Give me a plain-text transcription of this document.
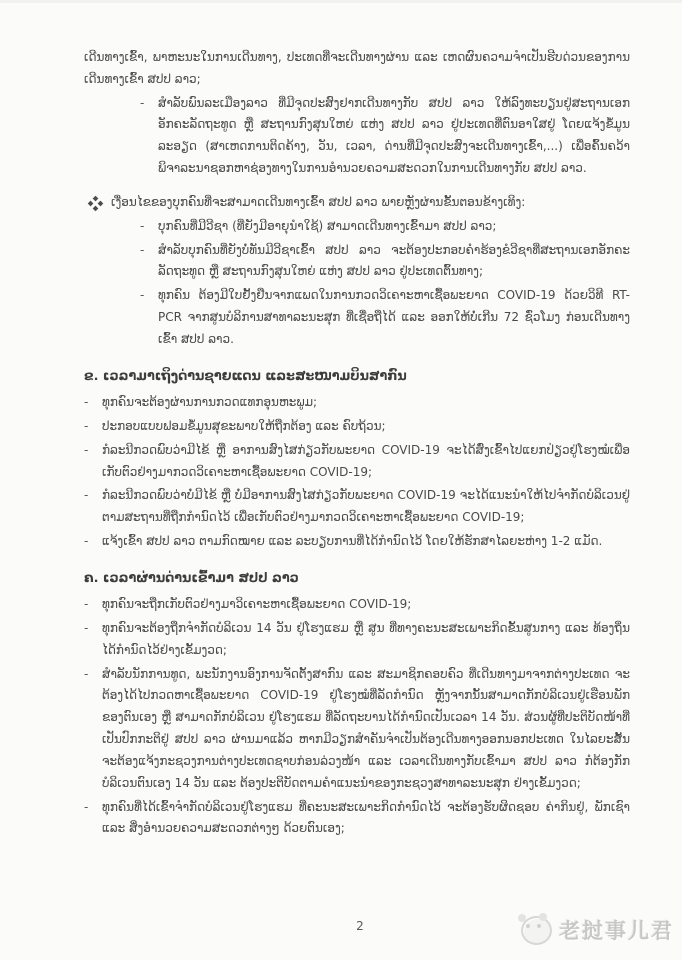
ເດີນທາງເຂົ້າ, ພາຫະນະໃນການເດີນທາງ, ປະເທດທີ່ຈະເດີນທາງຜ່ານ ແລະ ເຫດຜົນຄວາມຈຳເປັນຮີບດ່ວນຂອງການເດີນທາງເຂົ້າ ສປປ ລາວ;

-	ສຳລັບພົນລະເມືອງລາວ ທີ່ມີຈຸດປະສົງຢາກເດີນທາງກັບ ສປປ ລາວ ໃຫ້ລົງທະບຽນຢູ່ສະຖານເອກອັກຄະລັດຖະທູດ ຫຼື ສະຖານກົງສຸນໃຫຍ່ ແຫ່ງ ສປປ ລາວ ຢູ່ປະເທດທີ່ຕົນອາໃສຢູ່ ໂດຍແຈ້ງຂໍ້ມູນລະອຽດ (ສາເຫດການຕິດຄ້າງ, ວັນ, ເວລາ, ດ່ານທີ່ມີຈຸດປະສົງຈະເດີນທາງເຂົ້າ,...) ເພື່ອຄົ້ນຄວ້າພິຈາລະນາຊອກຫາຊ່ອງທາງໃນການອຳນວຍຄວາມສະດວກໃນການເດີນທາງກັບ ສປປ ລາວ.

ເງື່ອນໄຂຂອງບຸກຄົນທີ່ຈະສາມາດເດີນທາງເຂົ້າ ສປປ ລາວ ພາຍຫຼັງຜ່ານຂັ້ນຕອນຂ້າງເທິງ:

-	ບຸກຄົນທີ່ມີວີຊາ (ທີ່ຍັງມີອາຍຸນຳໃຊ້) ສາມາດເດີນທາງເຂົ້າມາ ສປປ ລາວ;

-	ສຳລັບບຸກຄົນທີ່ຍັງບໍ່ທັນມີວີຊາເຂົ້າ ສປປ ລາວ ຈະຕ້ອງປະກອບຄຳຮ້ອງຂໍວີຊາທີ່ສະຖານເອກອັກຄະລັດຖະທູດ ຫຼື ສະຖານກົງສຸນໃຫຍ່ ແຫ່ງ ສປປ ລາວ ຢູ່ປະເທດຕົ້ນທາງ;

-	ທຸກຄົນ ຕ້ອງມີໃບຢັ້ງຢືນຈາກແພດໃນການກວດວິເຄາະຫາເຊື້ອພະຍາດ COVID-19 ດ້ວຍວິທີ RT-PCR ຈາກສູນບໍລິການສາທາລະນະສຸກ ທີ່ເຊື່ອຖືໄດ້ ແລະ ອອກໃຫ້ບໍ່ເກີນ 72 ຊົ່ວໂມງ ກ່ອນເດີນທາງເຂົ້າ ສປປ ລາວ.

ຂ. ເວລາມາເຖິງດ່ານຊາຍແດນ ແລະສະໜາມບິນສາກົນ
-	ທຸກຄົນຈະຕ້ອງຜ່ານການກວດແທກອຸນຫະພູມ;

-	ປະກອບແບບຟອມຂໍ້ມູນສຸຂະພາບໃຫ້ຖືກຕ້ອງ ແລະ ຄົບຖ້ວນ;

-	ກໍລະນີກວດພົບວ່າມີໄຂ້ ຫຼື ອາການສົງໄສກ່ຽວກັບພະຍາດ COVID-19 ຈະໄດ້ສົ່ງເຂົ້າໄປແຍກປ່ຽວຢູ່ໂຮງໝໍເພື່ອເກັບຕົວຢ່າງມາກວດວິເຄາະຫາເຊື້ອພະຍາດ COVID-19;

-	ກໍລະນີກວດພົບວ່າບໍ່ມີໄຂ້ ຫຼື ບໍ່ມີອາການສົງໄສກ່ຽວກັບພະຍາດ COVID-19 ຈະໄດ້ແນະນຳໃຫ້ໄປຈຳກັດບໍລິເວນຢູ່ຕາມສະຖານທີ່ຖືກກຳນົດໄວ້ ເພື່ອເກັບຕົວຢ່າງມາກວດວິເຄາະຫາເຊື້ອພະຍາດ COVID-19;

-	ແຈ້ງເຂົ້າ ສປປ ລາວ ຕາມກົດໝາຍ ແລະ ລະບຽບການທີ່ໄດ້ກຳນົດໄວ້ ໂດຍໃຫ້ຮັກສາໄລຍະຫ່າງ 1-2 ແມັດ.

ຄ. ເວລາຜ່ານດ່ານເຂົ້າມາ ສປປ ລາວ
-	ທຸກຄົນຈະຖືກເກັບຕົວຢ່າງມາວິເຄາະຫາເຊື້ອພະຍາດ COVID-19;

-	ທຸກຄົນຈະຕ້ອງຖືກຈຳກັດບໍລິເວນ 14 ວັນ ຢູ່ໂຮງແຮມ ຫຼື ສູນ ທີ່ທາງຄະນະສະເພາະກິດຂັ້ນສູນກາງ ແລະ ທ້ອງຖິ່ນ ໄດ້ກຳນົດໄວ້ຢ່າງເຂັ້ມງວດ;

-	ສຳລັບນັກການທູດ, ພະນັກງານອົງການຈັດຕັ້ງສາກົນ ແລະ ສະມາຊິກຄອບຄົວ ທີ່ເດີນທາງມາຈາກຕ່າງປະເທດ ຈະຕ້ອງໄດ້ໄປກວດຫາເຊື້ອພະຍາດ COVID-19 ຢູ່ໂຮງໝໍທີ່ລັດກຳນົດ ຫຼັງຈາກນັ້ນສາມາດກັກບໍລິເວນຢູ່ເຮືອນພັກຂອງຕົນເອງ ຫຼື ສາມາດກັກບໍລິເວນ ຢູ່ໂຮງແຮມ ທີ່ລັດຖະບານໄດ້ກຳນົດເປັນເວລາ 14 ວັນ. ສ່ວນຜູ້ທີ່ປະຕິບັດໜ້າທີ່ເປັນປົກກະຕິຢູ່ ສປປ ລາວ ຜ່ານມາແລ້ວ ຫາກມີວຽກສຳຄັນຈຳເປັນຕ້ອງເດີນທາງອອກນອກປະເທດ ໃນໄລຍະສັ້ນ ຈະຕ້ອງແຈ້ງກະຊວງການຕ່າງປະເທດຊາບກ່ອນລ່ວງໜ້າ ແລະ ເວລາເດີນທາງກັບເຂົ້າມາ ສປປ ລາວ ກໍຕ້ອງກັກບໍລິເວນຕົນເອງ 14 ວັນ ແລະ ຕ້ອງປະຕິບັດຕາມຄຳແນະນຳຂອງກະຊວງສາທາລະນະສຸກ ຢ່າງເຂັ້ມງວດ;

-	ທຸກຄົນທີ່ໄດ້ເຂົ້າຈຳກັດບໍລິເວນຢູ່ໂຮງແຮມ ທີ່ຄະນະສະເພາະກິດກຳນົດໄວ້ ຈະຕ້ອງຮັບຜິດຊອບ ຄ່າກິນຢູ່, ພັກເຊົາ ແລະ ສິ່ງອຳນວຍຄວາມສະດວກຕ່າງໆ ດ້ວຍຕົນເອງ;

2	老挝事儿君
